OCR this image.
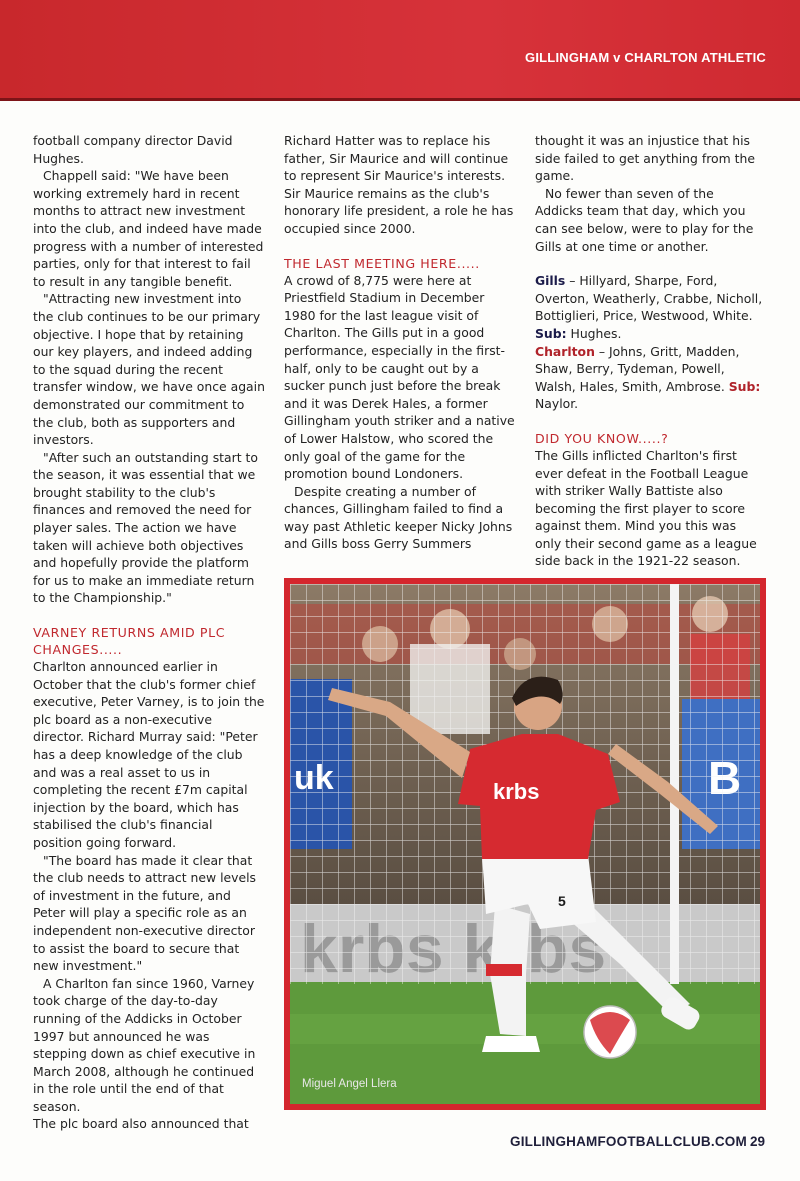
GILLINGHAM v CHARLTON ATHLETIC

football company director David Hughes.

Chappell said: "We have been working extremely hard in recent months to attract new investment into the club, and indeed have made progress with a number of interested parties, only for that interest to fail to result in any tangible benefit.

"Attracting new investment into the club continues to be our primary objective. I hope that by retaining our key players, and indeed adding to the squad during the recent transfer window, we have once again demonstrated our commitment to the club, both as supporters and investors.

"After such an outstanding start to the season, it was essential that we brought stability to the club's finances and removed the need for player sales. The action we have taken will achieve both objectives and hopefully provide the platform for us to make an immediate return to the Championship."

VARNEY RETURNS AMID PLC CHANGES.....

Charlton announced earlier in October that the club's former chief executive, Peter Varney, is to join the plc board as a non-executive director. Richard Murray said: "Peter has a deep knowledge of the club and was a real asset to us in completing the recent £7m capital injection by the board, which has stabilised the club's financial position going forward.

"The board has made it clear that the club needs to attract new levels of investment in the future, and Peter will play a specific role as an independent non-executive director to assist the board to secure that new investment."

A Charlton fan since 1960, Varney took charge of the day-to-day running of the Addicks in October 1997 but announced he was stepping down as chief executive in March 2008, although he continued in the role until the end of that season.

The plc board also announced that

Richard Hatter was to replace his father, Sir Maurice and will continue to represent Sir Maurice's interests. Sir Maurice remains as the club's honorary life president, a role he has occupied since 2000.

THE LAST MEETING HERE.....

A crowd of 8,775 were here at Priestfield Stadium in December 1980 for the last league visit of Charlton. The Gills put in a good performance, especially in the first-half, only to be caught out by a sucker punch just before the break and it was Derek Hales, a former Gillingham youth striker and a native of Lower Halstow, who scored the only goal of the game for the promotion bound Londoners.

Despite creating a number of chances, Gillingham failed to find a way past Athletic keeper Nicky Johns and Gills boss Gerry Summers

thought it was an injustice that his side failed to get anything from the game.

No fewer than seven of the Addicks team that day, which you can see below, were to play for the Gills at one time or another.

Gills – Hillyard, Sharpe, Ford, Overton, Weatherly, Crabbe, Nicholl, Bottiglieri, Price, Westwood, White. Sub: Hughes.

Charlton – Johns, Gritt, Madden, Shaw, Berry, Tydeman, Powell, Walsh, Hales, Smith, Ambrose. Sub: Naylor.

DID YOU KNOW.....?

The Gills inflicted Charlton's first ever defeat in the Football League with striker Wally Battiste also becoming the first player to score against them. Mind you this was only their second game as a league side back in the 1921-22 season.

5
krbs
Miguel Angel Llera
GILLINGHAMFOOTBALLCLUB.COM 29
